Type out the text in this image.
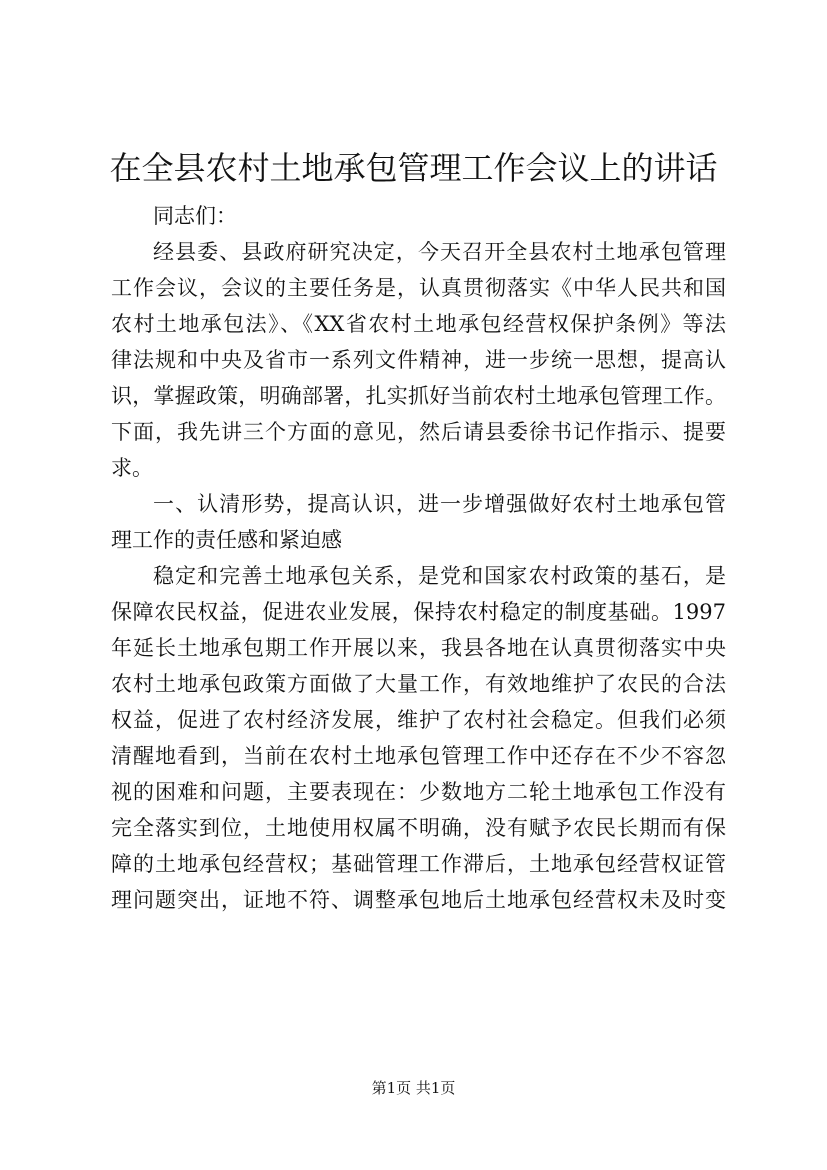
在全县农村土地承包管理工作会议上的讲话
同志们：
经县委、县政府研究决定，今天召开全县农村土地承包管理
工作会议，会议的主要任务是，认真贯彻落实《中华人民共和国
农村土地承包法》、《XX省农村土地承包经营权保护条例》等法
律法规和中央及省市一系列文件精神，进一步统一思想，提高认
识，掌握政策，明确部署，扎实抓好当前农村土地承包管理工作。
下面，我先讲三个方面的意见，然后请县委徐书记作指示、提要
求。
一、认清形势，提高认识，进一步增强做好农村土地承包管
理工作的责任感和紧迫感
稳定和完善土地承包关系，是党和国家农村政策的基石，是
保障农民权益，促进农业发展，保持农村稳定的制度基础。1997
年延长土地承包期工作开展以来，我县各地在认真贯彻落实中央
农村土地承包政策方面做了大量工作，有效地维护了农民的合法
权益，促进了农村经济发展，维护了农村社会稳定。但我们必须
清醒地看到，当前在农村土地承包管理工作中还存在不少不容忽
视的困难和问题，主要表现在：少数地方二轮土地承包工作没有
完全落实到位，土地使用权属不明确，没有赋予农民长期而有保
障的土地承包经营权；基础管理工作滞后，土地承包经营权证管
理问题突出，证地不符、调整承包地后土地承包经营权未及时变
第1页 共1页
